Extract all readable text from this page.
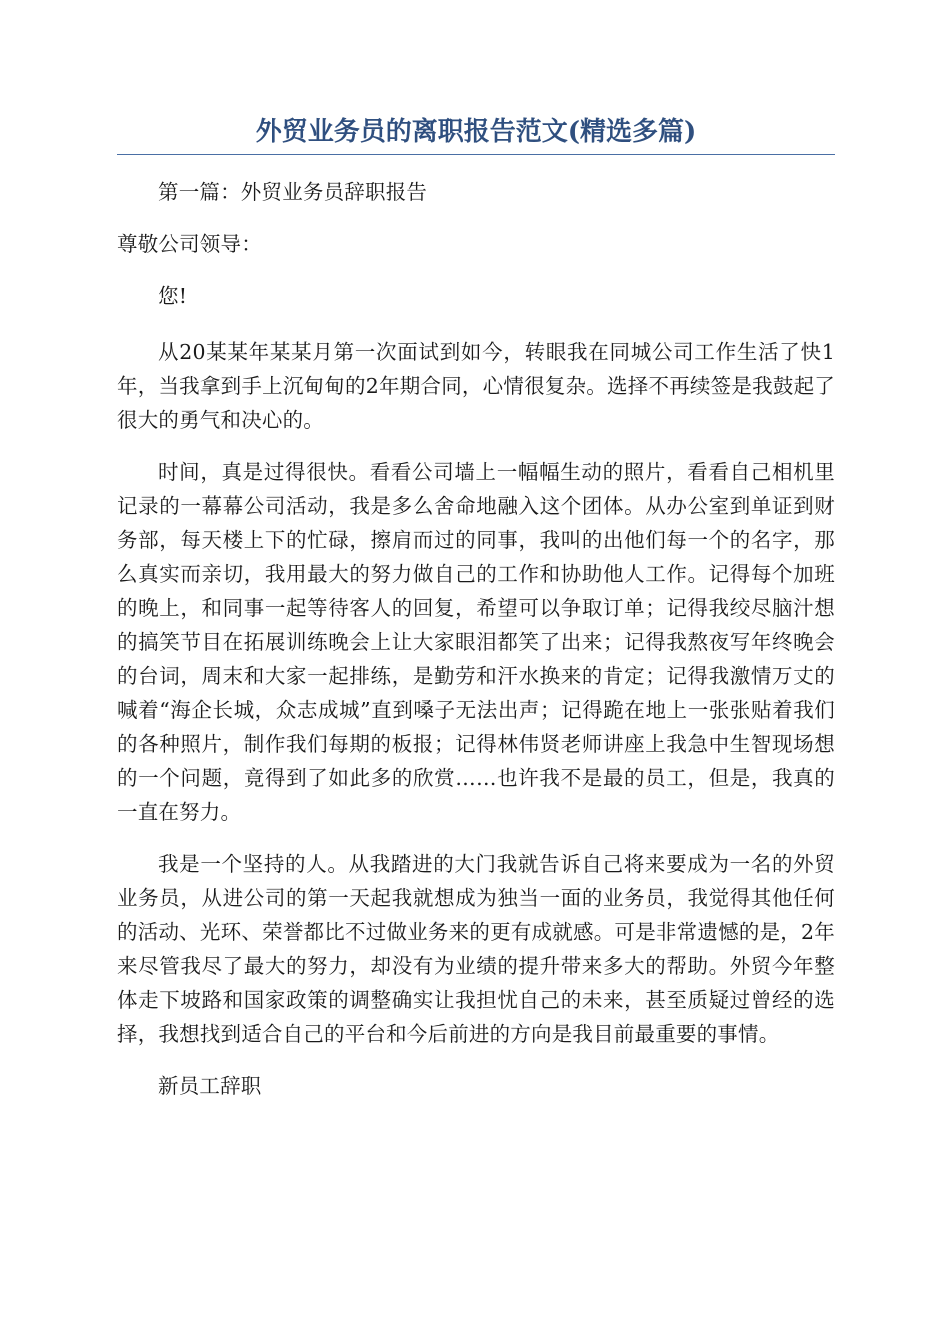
外贸业务员的离职报告范文(精选多篇)

第一篇：外贸业务员辞职报告

尊敬公司领导：

您!

从20某某年某某月第一次面试到如今，转眼我在同城公司工作生活了快1年，当我拿到手上沉甸甸的2年期合同，心情很复杂。选择不再续签是我鼓起了很大的勇气和决心的。

时间，真是过得很快。看看公司墙上一幅幅生动的照片，看看自己相机里记录的一幕幕公司活动，我是多么舍命地融入这个团体。从办公室到单证到财务部，每天楼上下的忙碌，擦肩而过的同事，我叫的出他们每一个的名字，那么真实而亲切，我用最大的努力做自己的工作和协助他人工作。记得每个加班的晚上，和同事一起等待客人的回复，希望可以争取订单；记得我绞尽脑汁想的搞笑节目在拓展训练晚会上让大家眼泪都笑了出来；记得我熬夜写年终晚会的台词，周末和大家一起排练，是勤劳和汗水换来的肯定；记得我激情万丈的喊着“海企长城，众志成城”直到嗓子无法出声；记得跪在地上一张张贴着我们的各种照片，制作我们每期的板报；记得林伟贤老师讲座上我急中生智现场想的一个问题，竟得到了如此多的欣赏……也许我不是最的员工，但是，我真的一直在努力。

我是一个坚持的人。从我踏进的大门我就告诉自己将来要成为一名的外贸业务员，从进公司的第一天起我就想成为独当一面的业务员，我觉得其他任何的活动、光环、荣誉都比不过做业务来的更有成就感。可是非常遗憾的是，2年来尽管我尽了最大的努力，却没有为业绩的提升带来多大的帮助。外贸今年整体走下坡路和国家政策的调整确实让我担忧自己的未来，甚至质疑过曾经的选择，我想找到适合自己的平台和今后前进的方向是我目前最重要的事情。

新员工辞职
